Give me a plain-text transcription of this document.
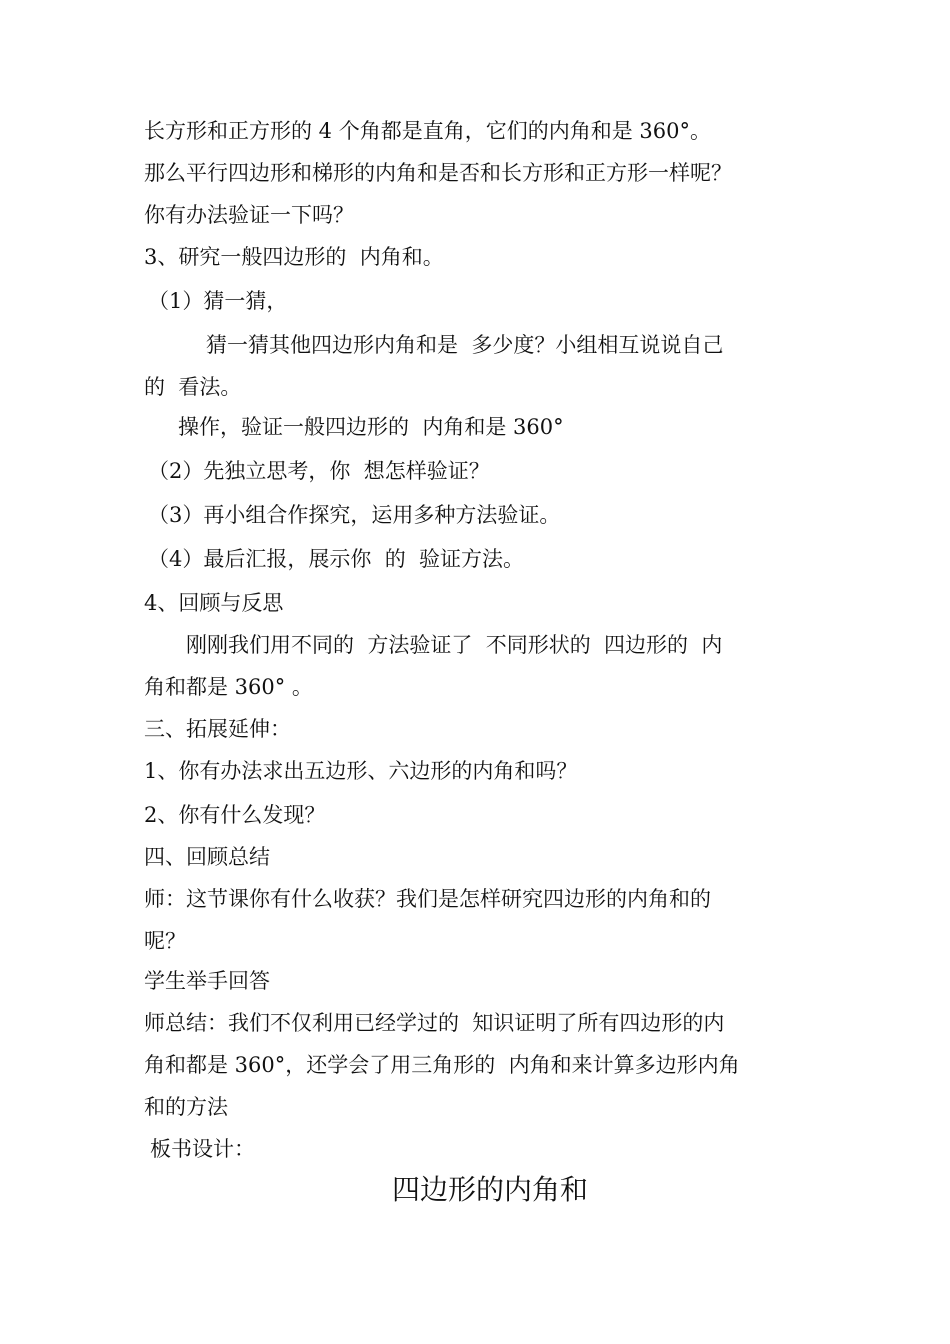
长方形和正方形的 4 个角都是直角，它们的内角和是 360°。
那么平行四边形和梯形的内角和是否和长方形和正方形一样呢？
你有办法验证一下吗？
3、研究一般四边形的  内角和。
（1）猜一猜，
猜一猜其他四边形内角和是  多少度？小组相互说说自己
的  看法。
操作，验证一般四边形的  内角和是 360°
（2）先独立思考，你  想怎样验证？
（3）再小组合作探究，运用多种方法验证。
（4）最后汇报，展示你  的  验证方法。
4、回顾与反思
刚刚我们用不同的  方法验证了  不同形状的  四边形的  内
角和都是 360° 。
三、拓展延伸：
1、你有办法求出五边形、六边形的内角和吗？
2、你有什么发现？
四、回顾总结
师：这节课你有什么收获？我们是怎样研究四边形的内角和的
呢？
学生举手回答
师总结：我们不仅利用已经学过的  知识证明了所有四边形的内
角和都是 360°，还学会了用三角形的  内角和来计算多边形内角
和的方法
板书设计：
四边形的内角和
